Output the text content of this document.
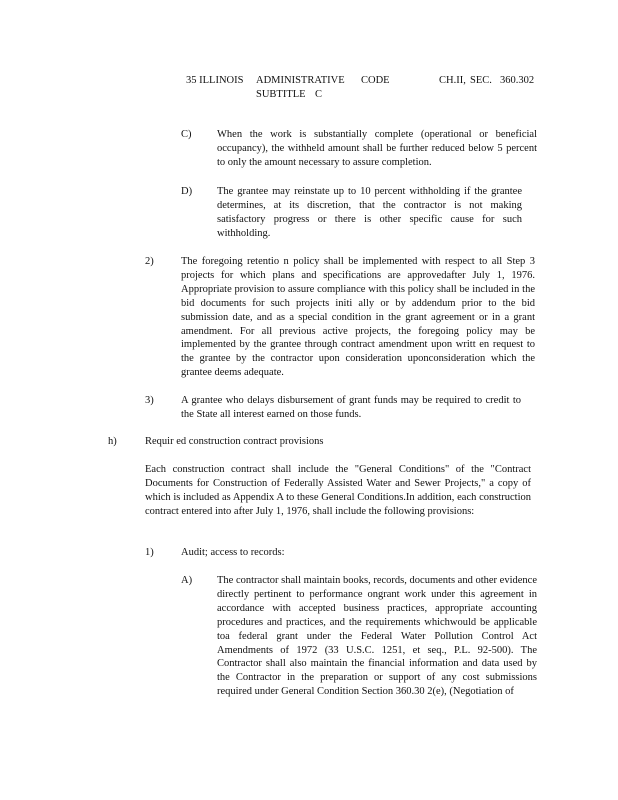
35 ILLINOIS ADMINISTRATIVE CODE	CH.II, SEC. 360.302
SUBTITLE C
C) When the work is substantially complete (operational or beneficial occupancy), the withheld amount shall be further reduced below 5 percent to only the amount necessary to assure completion.
D) The grantee may reinstate up to 10 percent withholding if the grantee determines, at its discretion, that the contractor is not making satisfactory progress or there is other specific cause for such withholding.
2)	The foregoing retentio n policy shall be implemented with respect to all Step 3 projects for which plans and specifications are approvedafter July 1, 1976. Appropriate provision to assure compliance with this policy shall be included in the bid documents for such projects initi ally or by addendum prior to the bid submission date, and as a special condition in the grant agreement or in a grant amendment. For all previous active projects, the foregoing policy may be implemented by the grantee through contract amendment upon writt en request to the grantee by the contractor upon consideration uponconsideration which the grantee deems adequate.
3)	A grantee who delays disbursement of grant funds may be required to credit to the State all interest earned on those funds.
h)	Requir ed construction contract provisions
Each construction contract shall include the "General Conditions" of the "Contract Documents for Construction of Federally Assisted Water and Sewer Projects," a copy of which is included as Appendix A to these General Conditions.In addition, each construction contract entered into after July 1, 1976, shall include the following provisions:
1)	Audit; access to records:
A) The contractor shall maintain books, records, documents and other evidence directly pertinent to performance ongrant work under this agreement in accordance with accepted business practices, appropriate accounting procedures and practices, and the requirements whichwould be applicable toa federal grant under the Federal Water Pollution Control Act Amendments of 1972 (33 U.S.C. 1251, et seq., P.L. 92-500). The Contractor shall also maintain the financial information and data used by the Contractor in the preparation or support of any cost submissions required under General Condition Section 360.30 2(e), (Negotiation of
